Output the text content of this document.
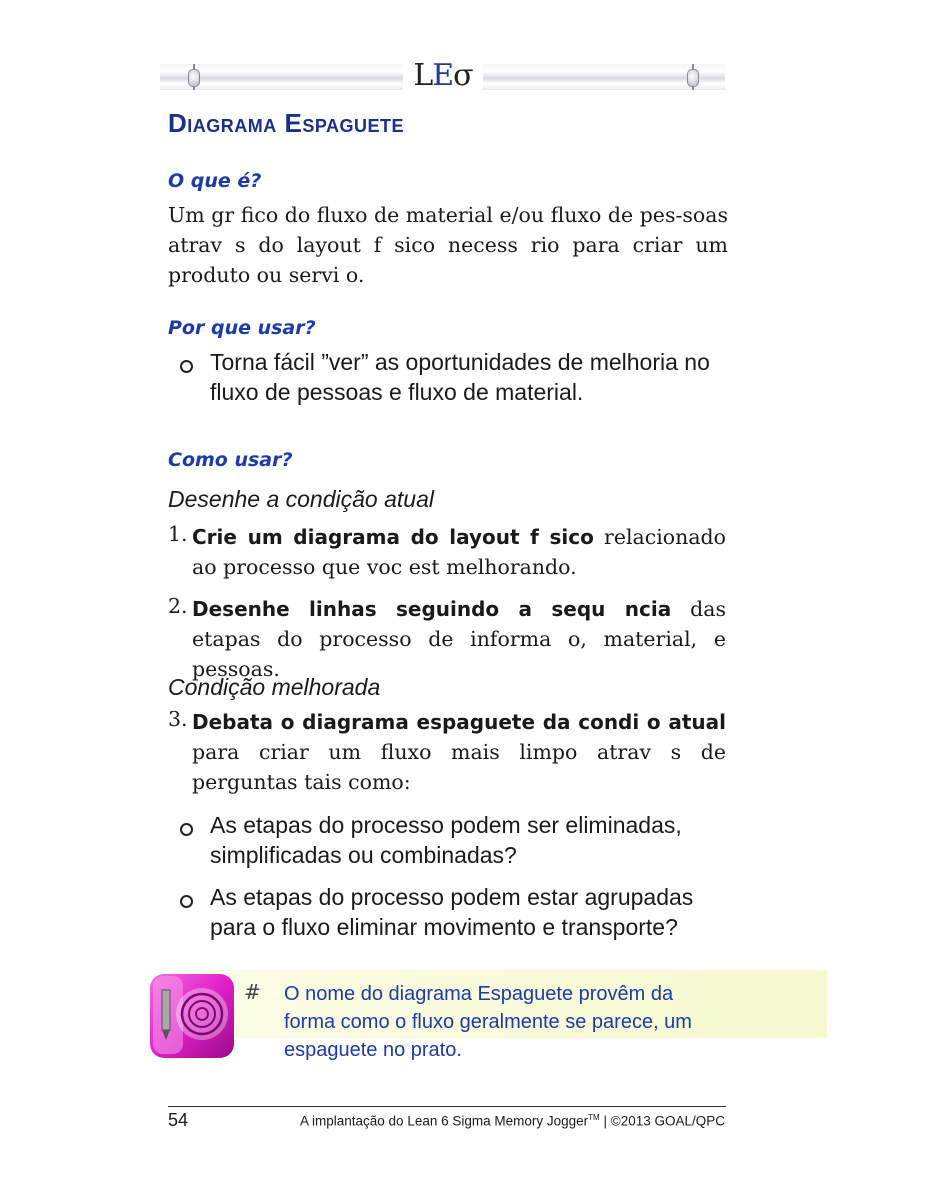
LEσ
Diagrama Espaguete
O que é?
Um gr fico do fluxo de material e/ou fluxo de pes-soas atrav s do layout f sico necess rio para criar um produto ou servi o.
Por que usar?
Torna fácil ”ver” as oportunidades de melhoria no fluxo de pessoas e fluxo de material.
Como usar?
Desenhe a condição atual
1. Crie um diagrama do layout f sico relacionado ao processo que voc est melhorando.
2. Desenhe linhas seguindo a sequ ncia das etapas do processo de informa o, material, e pessoas.
Condição melhorada
3. Debata o diagrama espaguete da condi o atual para criar um fluxo mais limpo atrav s de perguntas tais como:
As etapas do processo podem ser eliminadas, simplificadas ou combinadas?
As etapas do processo podem estar agrupadas para o fluxo eliminar movimento e transporte?
# O nome do diagrama Espaguete provêm da forma como o fluxo geralmente se parece, um espaguete no prato.
54	A implantação do Lean 6 Sigma Memory Jogger™ | ©2013 GOAL/QPC
